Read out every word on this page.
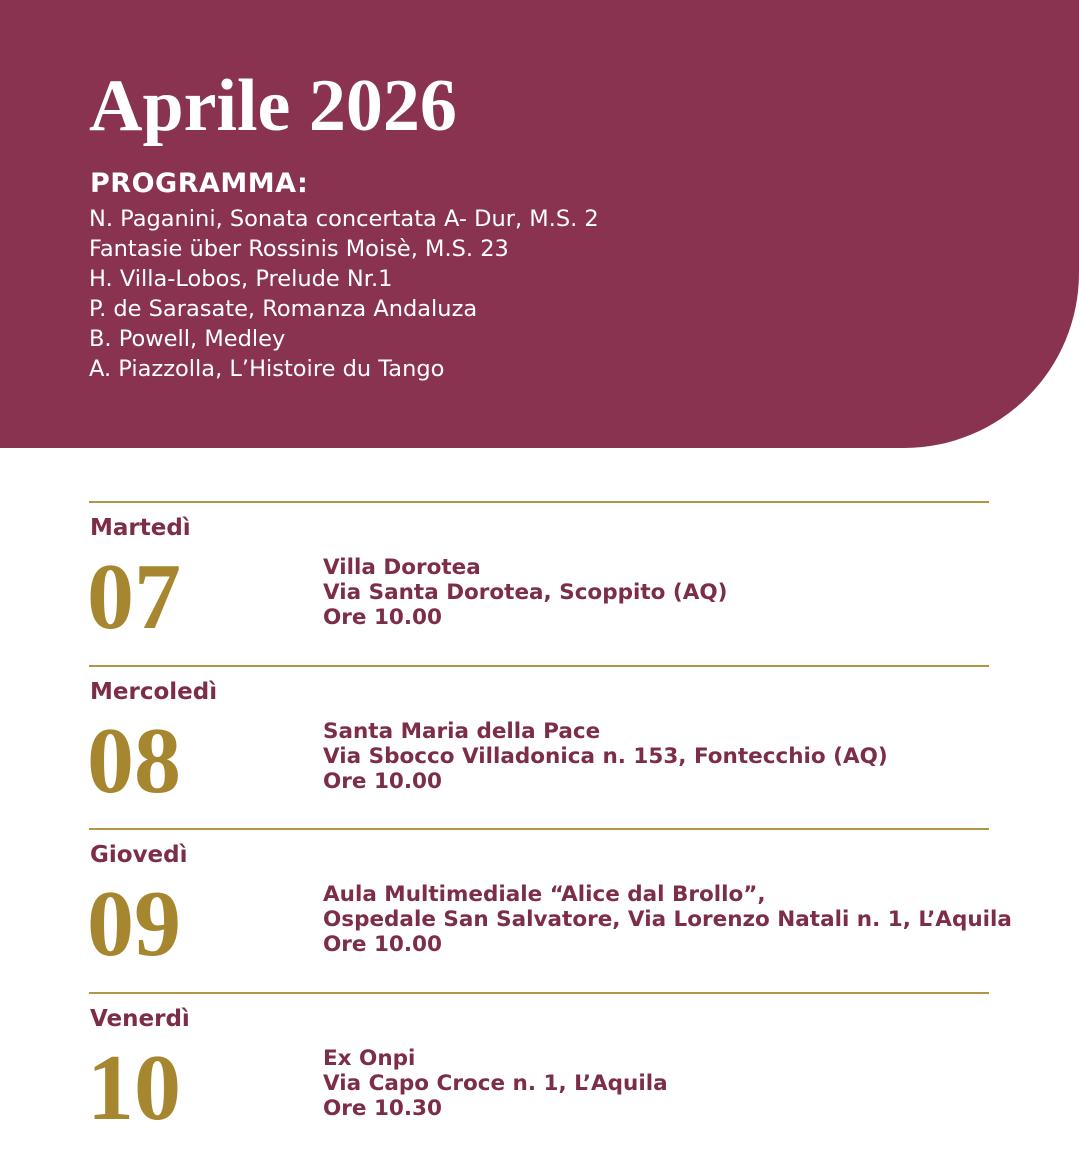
Aprile 2026
PROGRAMMA:
N. Paganini, Sonata concertata A- Dur, M.S. 2
Fantasie über Rossinis Moisè, M.S. 23
H. Villa-Lobos, Prelude Nr.1
P. de Sarasate, Romanza Andaluza
B. Powell, Medley
A. Piazzolla, L’Histoire du Tango
Martedì
07	Villa Dorotea
Via Santa Dorotea, Scoppito (AQ)
Ore 10.00
Mercoledì
08	Santa Maria della Pace
Via Sbocco Villadonica n. 153, Fontecchio (AQ)
Ore 10.00
Giovedì
09	Aula Multimediale “Alice dal Brollo”,
Ospedale San Salvatore, Via Lorenzo Natali n. 1, L’Aquila
Ore 10.00
Venerdì
10	Ex Onpi
Via Capo Croce n. 1, L’Aquila
Ore 10.30
